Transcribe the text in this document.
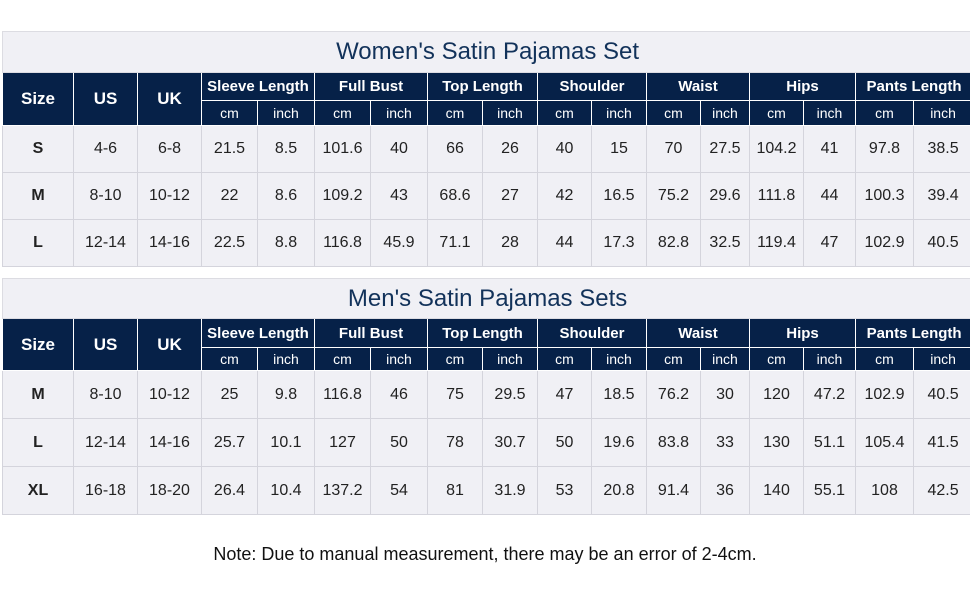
Women's Satin Pajamas Set																
Size	US	UK	Sleeve Length		Full Bust		Top Length		Shoulder		Waist		Hips		Pants Length	
			cm	inch	cm	inch	cm	inch	cm	inch	cm	inch	cm	inch	cm	inch
S	4-6	6-8	21.5	8.5	101.6	40	66	26	40	15	70	27.5	104.2	41	97.8	38.5
M	8-10	10-12	22	8.6	109.2	43	68.6	27	42	16.5	75.2	29.6	111.8	44	100.3	39.4
L	12-14	14-16	22.5	8.8	116.8	45.9	71.1	28	44	17.3	82.8	32.5	119.4	47	102.9	40.5
Men's Satin Pajamas Sets																
Size	US	UK	Sleeve Length		Full Bust		Top Length		Shoulder		Waist		Hips		Pants Length	
			cm	inch	cm	inch	cm	inch	cm	inch	cm	inch	cm	inch	cm	inch
M	8-10	10-12	25	9.8	116.8	46	75	29.5	47	18.5	76.2	30	120	47.2	102.9	40.5
L	12-14	14-16	25.7	10.1	127	50	78	30.7	50	19.6	83.8	33	130	51.1	105.4	41.5
XL	16-18	18-20	26.4	10.4	137.2	54	81	31.9	53	20.8	91.4	36	140	55.1	108	42.5
Note: Due to manual measurement, there may be an error of 2-4cm.
